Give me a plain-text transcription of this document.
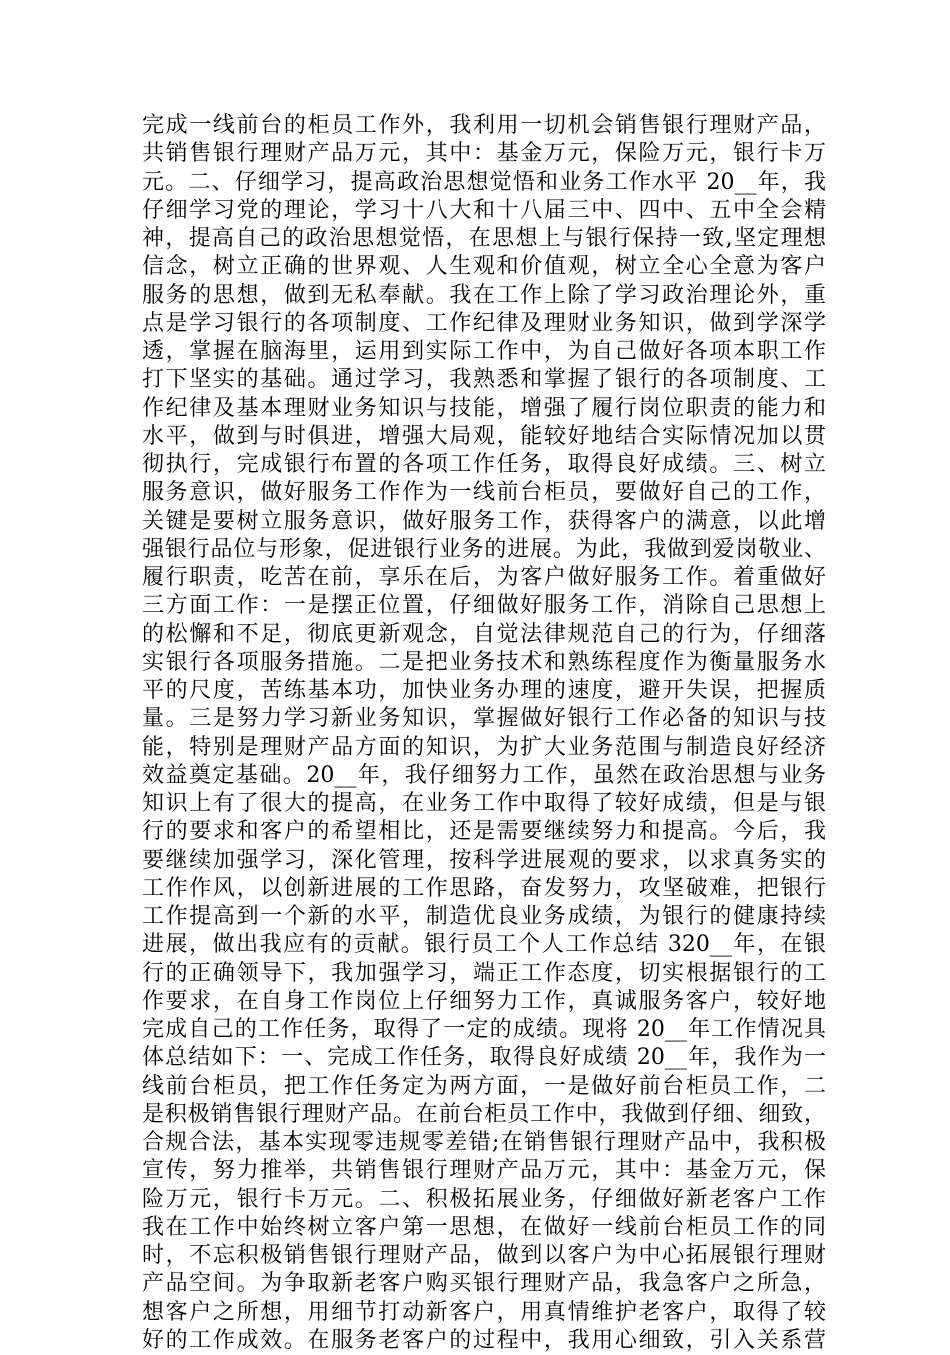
完成一线前台的柜员工作外，我利用一切机会销售银行理财产品，
共销售银行理财产品万元，其中：基金万元，保险万元，银行卡万
元。二、仔细学习，提高政治思想觉悟和业务工作水平 20__年，我
仔细学习党的理论，学习十八大和十八届三中、四中、五中全会精
神，提高自己的政治思想觉悟，在思想上与银行保持一致,坚定理想
信念，树立正确的世界观、人生观和价值观，树立全心全意为客户
服务的思想，做到无私奉献。我在工作上除了学习政治理论外，重
点是学习银行的各项制度、工作纪律及理财业务知识，做到学深学
透，掌握在脑海里，运用到实际工作中，为自己做好各项本职工作
打下坚实的基础。通过学习，我熟悉和掌握了银行的各项制度、工
作纪律及基本理财业务知识与技能，增强了履行岗位职责的能力和
水平，做到与时俱进，增强大局观，能较好地结合实际情况加以贯
彻执行，完成银行布置的各项工作任务，取得良好成绩。三、树立
服务意识，做好服务工作作为一线前台柜员，要做好自己的工作，
关键是要树立服务意识，做好服务工作，获得客户的满意，以此增
强银行品位与形象，促进银行业务的进展。为此，我做到爱岗敬业、
履行职责，吃苦在前，享乐在后，为客户做好服务工作。着重做好
三方面工作：一是摆正位置，仔细做好服务工作，消除自己思想上
的松懈和不足，彻底更新观念，自觉法律规范自己的行为，仔细落
实银行各项服务措施。二是把业务技术和熟练程度作为衡量服务水
平的尺度，苦练基本功，加快业务办理的速度，避开失误，把握质
量。三是努力学习新业务知识，掌握做好银行工作必备的知识与技
能，特别是理财产品方面的知识，为扩大业务范围与制造良好经济
效益奠定基础。20__年，我仔细努力工作，虽然在政治思想与业务
知识上有了很大的提高，在业务工作中取得了较好成绩，但是与银
行的要求和客户的希望相比，还是需要继续努力和提高。今后，我
要继续加强学习，深化管理，按科学进展观的要求，以求真务实的
工作作风，以创新进展的工作思路，奋发努力，攻坚破难，把银行
工作提高到一个新的水平，制造优良业务成绩，为银行的健康持续
进展，做出我应有的贡献。银行员工个人工作总结 320__年，在银
行的正确领导下，我加强学习，端正工作态度，切实根据银行的工
作要求，在自身工作岗位上仔细努力工作，真诚服务客户，较好地
完成自己的工作任务，取得了一定的成绩。现将 20__年工作情况具
体总结如下：一、完成工作任务，取得良好成绩 20__年，我作为一
线前台柜员，把工作任务定为两方面，一是做好前台柜员工作，二
是积极销售银行理财产品。在前台柜员工作中，我做到仔细、细致，
合规合法，基本实现零违规零差错;在销售银行理财产品中，我积极
宣传，努力推举，共销售银行理财产品万元，其中：基金万元，保
险万元，银行卡万元。二、积极拓展业务，仔细做好新老客户工作
我在工作中始终树立客户第一思想，在做好一线前台柜员工作的同
时，不忘积极销售银行理财产品，做到以客户为中心拓展银行理财
产品空间。为争取新老客户购买银行理财产品，我急客户之所急，
想客户之所想，用细节打动新客户，用真情维护老客户，取得了较
好的工作成效。在服务老客户的过程中，我用心细致，引入关系营
